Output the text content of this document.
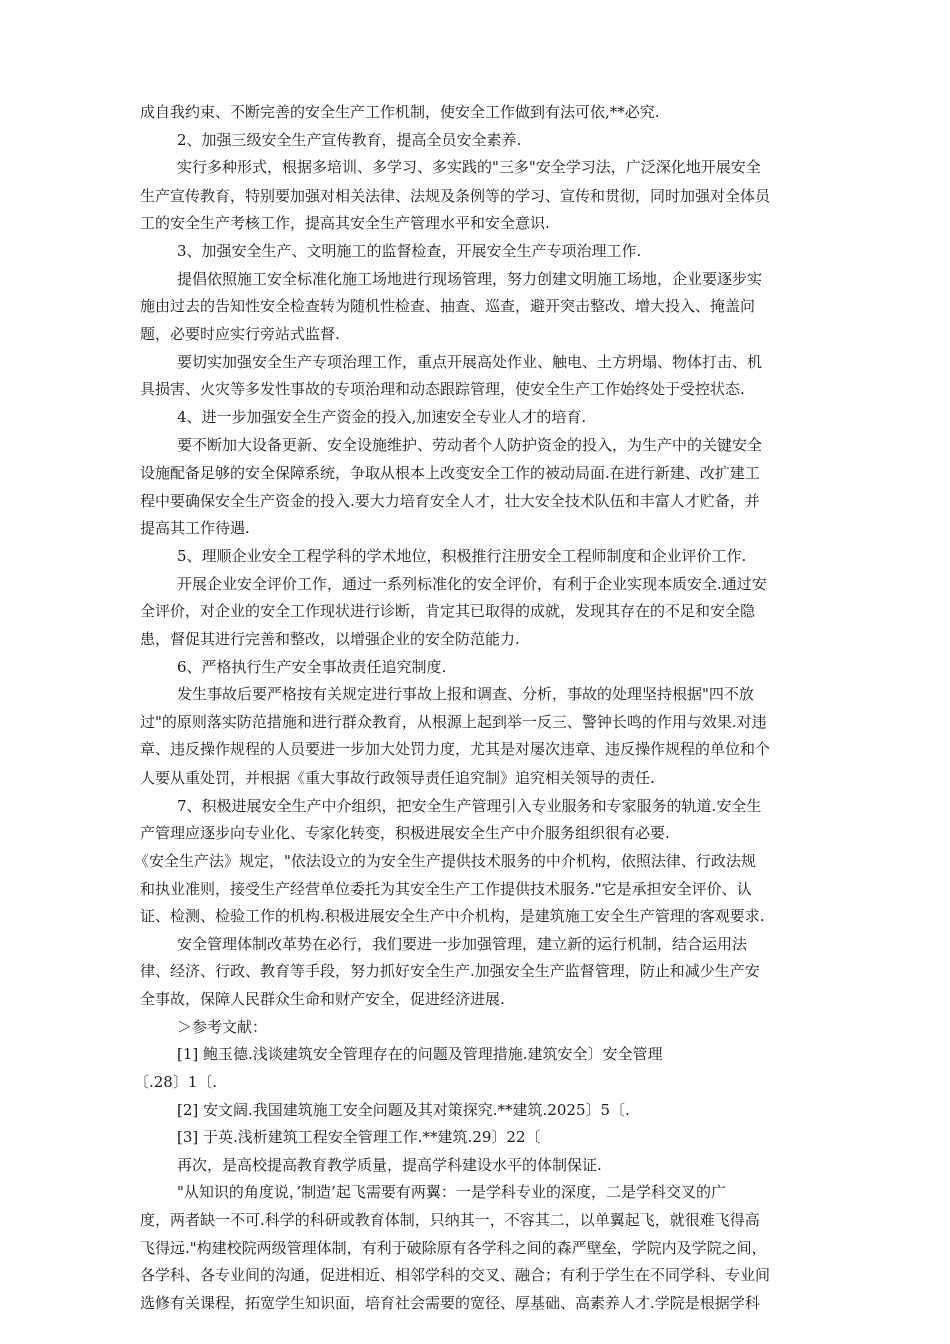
成自我约束、不断完善的安全生产工作机制，使安全工作做到有法可依,**必究.
2、加强三级安全生产宣传教育，提高全员安全素养.
实行多种形式，根据多培训、多学习、多实践的"三多"安全学习法，广泛深化地开展安全
生产宣传教育，特别要加强对相关法律、法规及条例等的学习、宣传和贯彻，同时加强对全体员
工的安全生产考核工作，提高其安全生产管理水平和安全意识.
3、加强安全生产、文明施工的监督检查，开展安全生产专项治理工作.
提倡依照施工安全标准化施工场地进行现场管理，努力创建文明施工场地，企业要逐步实
施由过去的告知性安全检查转为随机性检查、抽查、巡查，避开突击整改、增大投入、掩盖问
题，必要时应实行旁站式监督.
要切实加强安全生产专项治理工作，重点开展高处作业、触电、土方坍塌、物体打击、机
具损害、火灾等多发性事故的专项治理和动态跟踪管理，使安全生产工作始终处于受控状态.
4、进一步加强安全生产资金的投入,加速安全专业人才的培育.
要不断加大设备更新、安全设施维护、劳动者个人防护资金的投入，为生产中的关键安全
设施配备足够的安全保障系统，争取从根本上改变安全工作的被动局面.在进行新建、改扩建工
程中要确保安全生产资金的投入.要大力培育安全人才，壮大安全技术队伍和丰富人才贮备，并
提高其工作待遇.
5、理顺企业安全工程学科的学术地位，积极推行注册安全工程师制度和企业评价工作.
开展企业安全评价工作，通过一系列标准化的安全评价，有利于企业实现本质安全.通过安
全评价，对企业的安全工作现状进行诊断，肯定其已取得的成就，发现其存在的不足和安全隐
患，督促其进行完善和整改，以增强企业的安全防范能力.
6、严格执行生产安全事故责任追究制度.
发生事故后要严格按有关规定进行事故上报和调查、分析，事故的处理坚持根据"四不放
过"的原则落实防范措施和进行群众教育，从根源上起到举一反三、警钟长鸣的作用与效果.对违
章、违反操作规程的人员要进一步加大处罚力度，尤其是对屡次违章、违反操作规程的单位和个
人要从重处罚，并根据《重大事故行政领导责任追究制》追究相关领导的责任.
7、积极进展安全生产中介组织，把安全生产管理引入专业服务和专家服务的轨道.安全生
产管理应逐步向专业化、专家化转变，积极进展安全生产中介服务组织很有必要.
《安全生产法》规定，"依法设立的为安全生产提供技术服务的中介机构，依照法律、行政法规
和执业准则，接受生产经营单位委托为其安全生产工作提供技术服务."它是承担安全评价、认
证、检测、检验工作的机构.积极进展安全生产中介机构，是建筑施工安全生产管理的客观要求.
安全管理体制改革势在必行，我们要进一步加强管理，建立新的运行机制，结合运用法
律、经济、行政、教育等手段，努力抓好安全生产.加强安全生产监督管理，防止和减少生产安
全事故，保障人民群众生命和财产安全，促进经济进展.
＞参考文献：
[1] 鲍玉德.浅谈建筑安全管理存在的问题及管理措施.建筑安全〕安全管理
〔.28〕1〔.
[2] 安文阔.我国建筑施工安全问题及其对策探究.**建筑.2025〕5〔.
[3] 于英.浅析建筑工程安全管理工作.**建筑.29〕22〔
再次，是高校提高教育教学质量，提高学科建设水平的体制保证.
"从知识的角度说，’制造’起飞需要有两翼：一是学科专业的深度，二是学科交叉的广
度，两者缺一不可.科学的科研或教育体制，只纳其一，不容其二，以单翼起飞，就很难飞得高
飞得远."构建校院两级管理体制，有利于破除原有各学科之间的森严壁垒，学院内及学院之间，
各学科、各专业间的沟通，促进相近、相邻学科的交叉、融合；有利于学生在不同学科、专业间
选修有关课程，拓宽学生知识面，培育社会需要的宽径、厚基础、高素养人才.学院是根据学科
